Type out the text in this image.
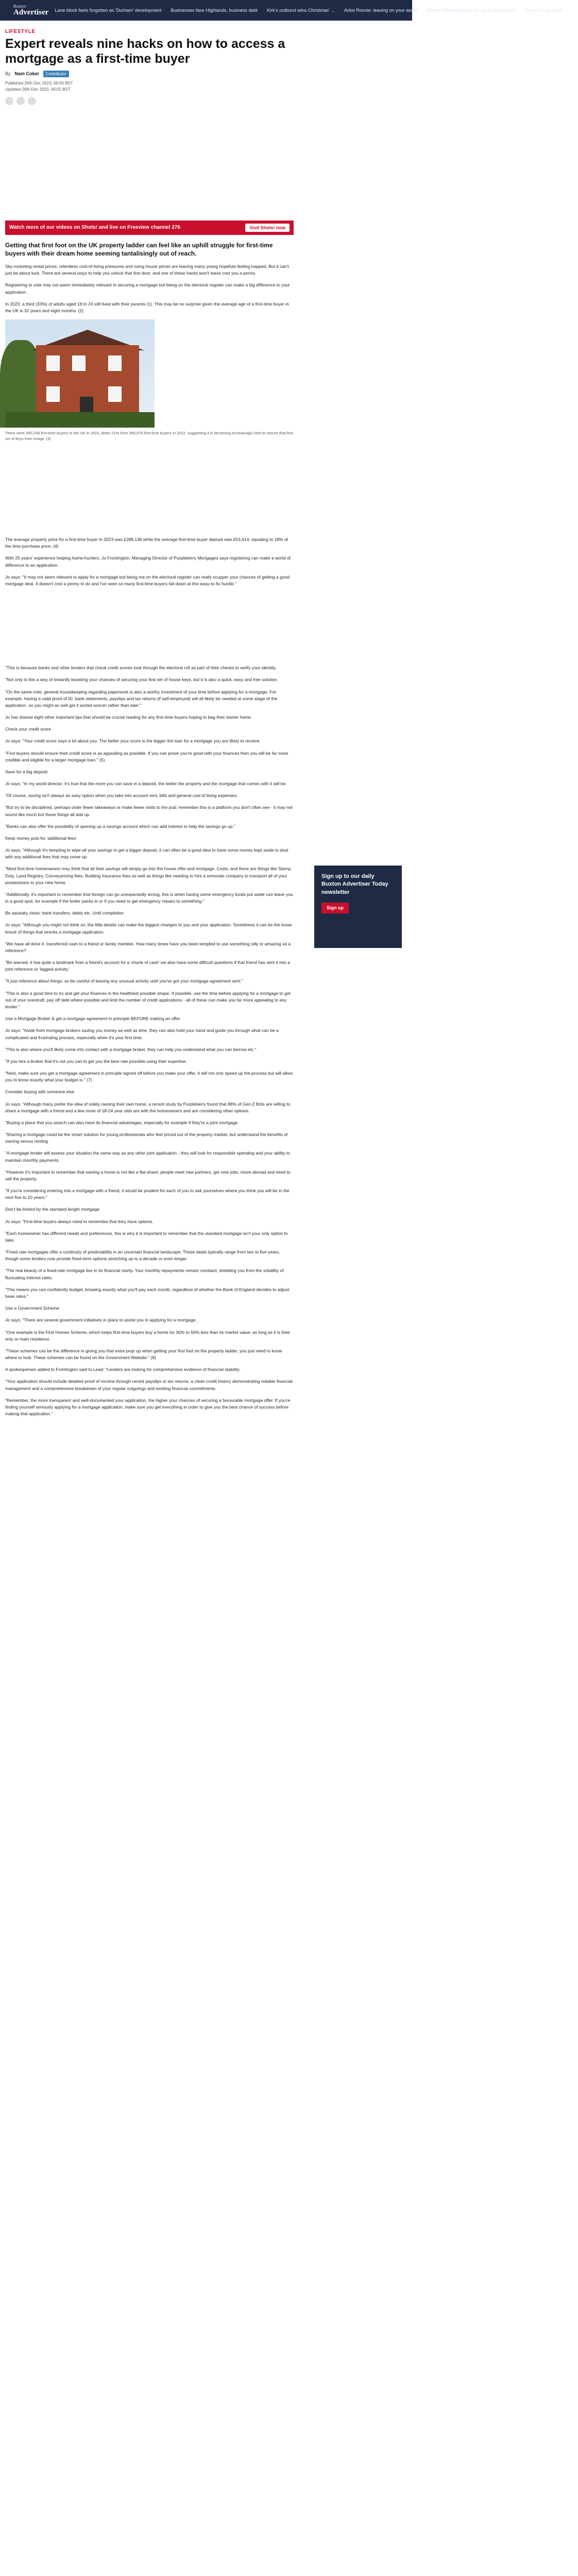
Buxton
Advertiser Lane block feels forgotten as 'Durham' development Businesses face Highlands, business debt Kirk's outburst wins Christmas' ... Artist Ronnie: leaving on your world Homes' Neathfieldside for six at Woodlands Arrow's Dog aside ...
LIFESTYLE
Expert reveals nine hacks on how to access a mortgage as a first-time buyer
By Nam Coker	Contributor
Published 26th Dec 2023, 06:00 BST
Updated 26th Dec 2023, 06:02 BST
Watch more of our videos on Shots! and live on Freeview channel 276	Visit Shots! now

Getting that first foot on the UK property ladder can feel like an uphill struggle for first-time buyers with their dream home seeming tantalisingly out of reach.

Sky-rocketing rental prices, relentless cost-of-living pressures and rising house prices are leaving many young hopefuls feeling trapped. But it can't just be about luck. There are several ways to help you unlock that first door, and one of these hacks won't leave cost you a penny.

Registering to vote may not seem immediately relevant to securing a mortgage but being on the electoral register can make a big difference to your application.

In 2023, a third (33%) of adults aged 18 to 24 still lived with their parents (1). This may be no surprise given the average age of a first-time buyer in the UK is 32 years and eight months. (2)

There were 350,239 first-time buyers in the UK in 2023, down 21% from 369,870 first-time buyers in 2022, suggesting it is becoming increasingly hard to secure that first set of keys from image. (3)

The average property price for a first-time buyer in 2023 was £288,136 while the average first-time buyer deposit was £53,414, equating to 18% of the time purchase price. (4)

With 25 years' experience helping home-hunters, Jo Frontington, Managing Director of Purpleberry Mortgages says registering can make a world of difference to an application.

Jo says: "It may not seem relevant to apply for a mortgage but being not on the electoral register can really scupper your chances of getting a good mortgage deal. It doesn't cost a penny to do and I've seen so many first-time buyers fall down at this easy-to-fix hurdle."

"This is because banks and other lenders that check credit scores look through the electoral roll as part of their checks to verify your identity.

"Not only is this a way of instantly boosting your chances of securing your first set of house keys, but it is also a quick, easy and free solution.

"On the same note, general housekeeping regarding paperwork is also a worthy investment of your time before applying for a mortgage. For example, having a valid proof of ID, bank statements, payslips and tax returns (if self-employed) will all likely be needed at some stage of the application, so you might as well get it sorted sooner rather than later."

Jo has shared eight other important tips that should be crucial reading for any first-time buyers hoping to bag their starter home.

Check your credit score

Jo says: "Your credit score says a lot about you. The better your score is the bigger the loan for a mortgage you are likely to receive.

"First buyers should ensure their credit score is as appealing as possible. If you can prove you're good with your finances then you will be far more credible and eligible for a larger mortgage loan." (5)

Save for a big deposit

Jo says: "In my world director, it's true that the more you can save in a deposit, the better the property and the mortgage that comes with it will be.

"Of course, saving isn't always an easy option when you take into account rent, bills and general cost of living expenses.

"But try to be disciplined, perhaps order fewer takeaways or make fewer visits to the pub; remember this is a platform you don't often see - it may not sound like much but these things all add up.

"Banks can also offer the possibility of opening up a savings account which can add interest to help the savings go up."

Keep money pots for 'additional fees'

Jo says: "Although it's tempting to wipe all your savings to get a bigger deposit, it can often be a good idea to have some money kept aside to deal with any additional fees that may come up.

"Most first-time homeowners may think that all their savings will simply go into the house offer and mortgage. Costs, and there are things like Stamp Duty, Land Registry, Conveyancing fees, Building Insurance fees as well as things like needing to hire a removals company to transport all of your possessions to your new home.

"Additionally, it's important to remember that foreign can go unexpectedly wrong, this is when having some emergency funds put aside can leave you in a good spot, for example if the boiler packs in or if you need to get emergency repairs to something."

Be squeaky clean: bank transfers, debts etc. Until completion

Jo says: "Although you might not think so, the little details can make the biggest changes to you and your application. Sometimes it can be the loose knock of things that wrecks a mortgage application.

"We have all done it, transferred cash to a friend or family member. How many times have you been tempted to use something silly or amazing as a reference?

"Be warned, it has quite a landmark from a friend's account for a 'chunk of cash' we also have some difficult questions if that friend has sent it into a joint reference or 'lagged activity.'

"It just reference about things, so be careful of leaving any unusual activity until you've got your mortgage agreement sent."

"This is also a good time to try and get your finances in the healthiest possible shape. If possible, use the time before applying for a mortgage to get out of your overdraft, pay off debt where possible and limit the number of credit applications - all of these can make you far more appealing to any lender."

Use a Mortgage Broker & get a mortgage agreement in principle BEFORE making an offer

Jo says: "Aside from mortgage brokers saving you money as well as time, they can also hold your hand and guide you through what can be a complicated and frustrating process, especially when it's your first time.

"This is also where you'll likely come into contact with a mortgage broker, they can help you understand what you can borrow etc."

"If you hire a broker that it's not you can to get you the best rate possible using their expertise.

"Next, make sure you get a mortgage agreement in principle signed off before you make your offer, it will not only speed up the process but will allow you to know exactly what your budget is." (7)

Consider buying with someone else

Jo says: "Although many prefer the idea of solely owning their own home, a recent study by Purpleberry found that 88% of Gen Z Brits are willing to share a mortgage with a friend and a few more of 18-24 year olds are with the homeowners and are considering other options.

"Buying a place that you search can also have its financial advantages, especially for example if they're a joint mortgage.

"Sharing a mortgage could be the smart solution for young professionals who feel priced out of the property market, but understand the benefits of owning versus renting.

"A mortgage lender will assess your situation the same way as any other joint application - they will look for responsible spending and your ability to maintain monthly payments.

"However it's important to remember that owning a home is not like a flat-share; people meet new partners, get new jobs, move abroad and need to sell the property.

"If you're considering entering into a mortgage with a friend, it would be prudent for each of you to ask yourselves where you think you will be in the next five to 10 years."

Don't be limited by the standard length mortgage

Jo says: "First-time buyers always need to remember that they have options.

"Each homeowner has different needs and preferences, this is why it is important to remember that the standard mortgage isn't your only option to take.

"Fixed-rate mortgages offer a continuity of predictability in an uncertain financial landscape. These deals typically range from two to five years, though some lenders now provide fixed-term options stretching up to a decade or even longer.

"The real beauty of a fixed-rate mortgage lies in its financial clarity. Your monthly repayments remain constant, shielding you from the volatility of fluctuating interest rates.

"This means you can confidently budget, knowing exactly what you'll pay each month, regardless of whether the Bank of England decides to adjust base rates."

Use a Government Scheme

Jo says: "There are several government initiatives in place to assist you in applying for a mortgage.

"One example is the First Homes Scheme, which helps first-time buyers buy a home for 30% to 50% less than its market value, as long as it is their only or main residence.

"These schemes can be the difference in giving you that extra prop up when getting your first foot on the property ladder, you just need to know where to look. These schemes can be found on the Government Website." (8)

A spokesperson added to Frontington said to Lead: "Lenders are looking for comprehensive evidence of financial stability.

"Your application should include detailed proof of income through recent payslips or tax returns, a clean credit history demonstrating reliable financial management and a comprehensive breakdown of your regular outgoings and existing financial commitments.

"Remember, the more transparent and well-documented your application, the higher your chances of securing a favourable mortgage offer. If you're finding yourself seriously applying for a mortgage application, make sure you get everything in order to give you the best chance of success before making that application."

Sign up to our daily Buxton Advertiser Today newsletter
Sign up
